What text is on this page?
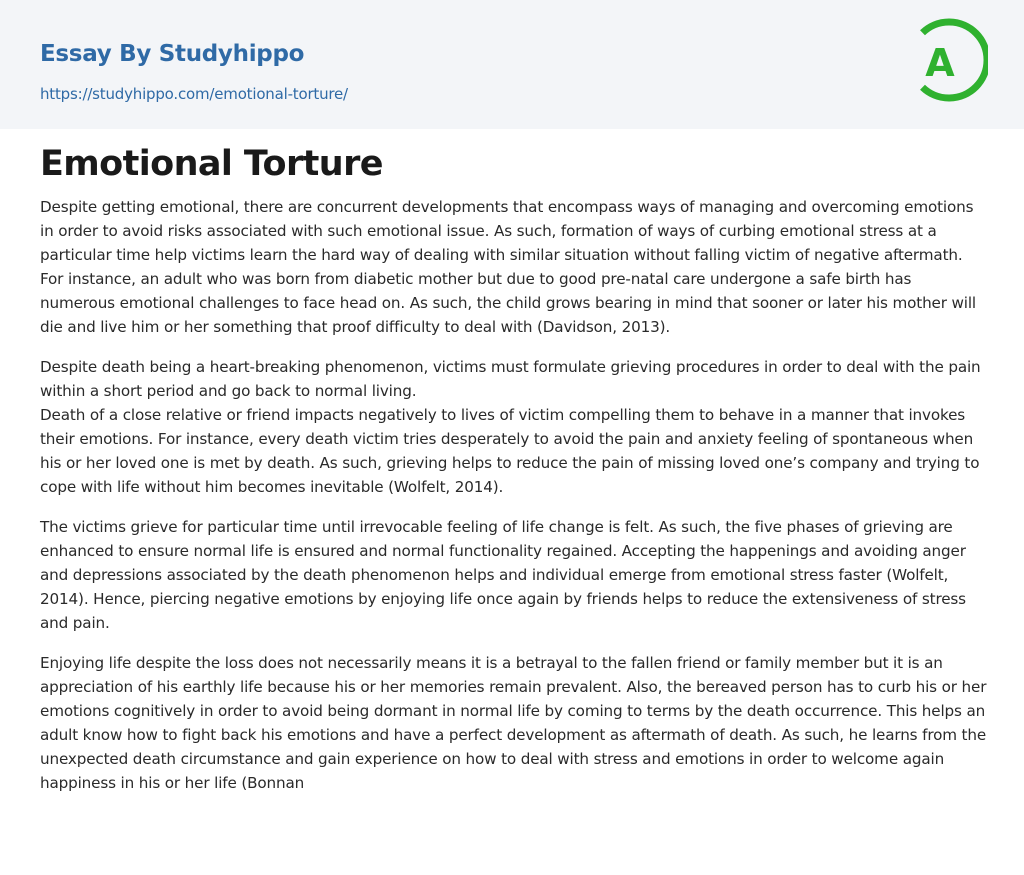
Essay By Studyhippo
https://studyhippo.com/emotional-torture/
A
Emotional Torture

Despite getting emotional, there are concurrent developments that encompass ways of managing and overcoming emotions in order to avoid risks associated with such emotional issue. As such, formation of ways of curbing emotional stress at a particular time help victims learn the hard way of dealing with similar situation without falling victim of negative aftermath. For instance, an adult who was born from diabetic mother but due to good pre-natal care undergone a safe birth has numerous emotional challenges to face head on. As such, the child grows bearing in mind that sooner or later his mother will die and live him or her something that proof difficulty to deal with (Davidson, 2013).

Despite death being a heart-breaking phenomenon, victims must formulate grieving procedures in order to deal with the pain within a short period and go back to normal living.
Death of a close relative or friend impacts negatively to lives of victim compelling them to behave in a manner that invokes their emotions. For instance, every death victim tries desperately to avoid the pain and anxiety feeling of spontaneous when his or her loved one is met by death. As such, grieving helps to reduce the pain of missing loved one’s company and trying to cope with life without him becomes inevitable (Wolfelt, 2014).

The victims grieve for particular time until irrevocable feeling of life change is felt. As such, the five phases of grieving are enhanced to ensure normal life is ensured and normal functionality regained. Accepting the happenings and avoiding anger and depressions associated by the death phenomenon helps and individual emerge from emotional stress faster (Wolfelt, 2014). Hence, piercing negative emotions by enjoying life once again by friends helps to reduce the extensiveness of stress and pain.

Enjoying life despite the loss does not necessarily means it is a betrayal to the fallen friend or family member but it is an appreciation of his earthly life because his or her memories remain prevalent. Also, the bereaved person has to curb his or her emotions cognitively in order to avoid being dormant in normal life by coming to terms by the death occurrence. This helps an adult know how to fight back his emotions and have a perfect development as aftermath of death. As such, he learns from the unexpected death circumstance and gain experience on how to deal with stress and emotions in order to welcome again happiness in his or her life (Bonnan
